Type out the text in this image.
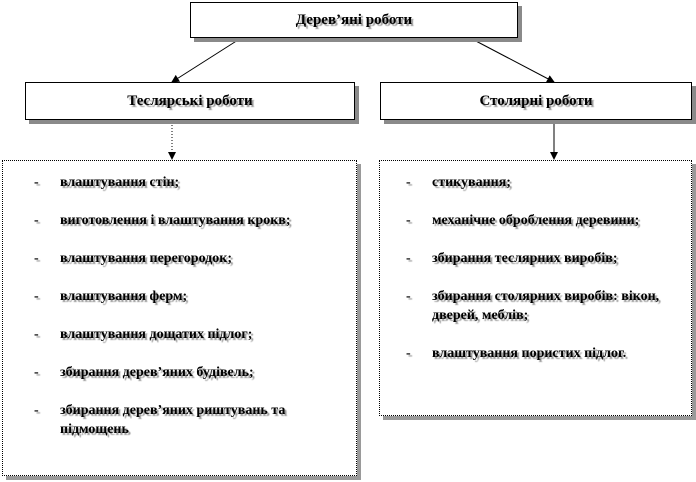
Дерев’яні роботи
Теслярські роботи	Столярні роботи
- влаштування стін;
- виготовлення і влаштування крокв;
- влаштування перегородок;
- влаштування ферм;
- влаштування дощатих підлог;
- збирання дерев’яних будівель;
- збирання дерев’яних риштувань та підмощень
- стикування;
- механічне оброблення деревини;
- збирання теслярних виробів;
- збирання столярних виробів: вікон, дверей, меблів;
- влаштування пористих підлог.
